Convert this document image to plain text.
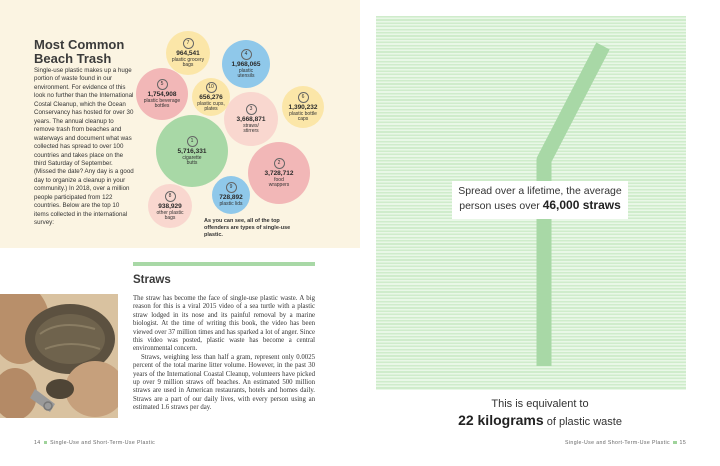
Most Common Beach Trash
Single-use plastic makes up a huge portion of waste found in our environment. For evidence of this look no further than the International Costal Cleanup, which the Ocean Conservancy has hosted for over 30 years. The annual cleanup to remove trash from beaches and waterways and document what was collected has spread to over 100 countries and takes place on the third Saturday of September. (Missed the date? Any day is a good day to organize a cleanup in your community.) In 2018, over a million people participated from 122 countries. Below are the top 10 items collected in the international survey:
7
964,541
plastic grocery bags
4
1,968,065
plastic utensils
5
1,754,908
plastic beverage bottles
10
656,276
plastic cups, plates
6
1,390,232
plastic bottle caps
3
3,668,871
straws/ stirrers
1
5,716,331
cigarette butts	2
3,728,712
food wrappers
9
728,892
plastic lids
8
938,929
other plastic bags	As you can see, all of the top offenders are types of single-use plastic.
Straws

The straw has become the face of single-use plastic waste. A big reason for this is a viral 2015 video of a sea turtle with a plastic straw lodged in its nose and its painful removal by a marine biologist. At the time of writing this book, the video has been viewed over 37 million times and has sparked a lot of anger. Since this video was posted, plastic waste has become a central environmental concern.

Straws, weighing less than half a gram, represent only 0.0025 percent of the total marine litter volume. However, in the past 30 years of the International Coastal Cleanup, volunteers have picked up over 9 million straws off beaches. An estimated 500 million straws are used in American restaurants, hotels and homes daily. Straws are a part of our daily lives, with every person using an estimated 1.6 straws per day.

14 Single-Use and Short-Term-Use Plastic
Spread over a lifetime, the average
person uses over 46,000 straws
This is equivalent to
22 kilograms of plastic waste
Single-Use and Short-Term-Use Plastic 15
